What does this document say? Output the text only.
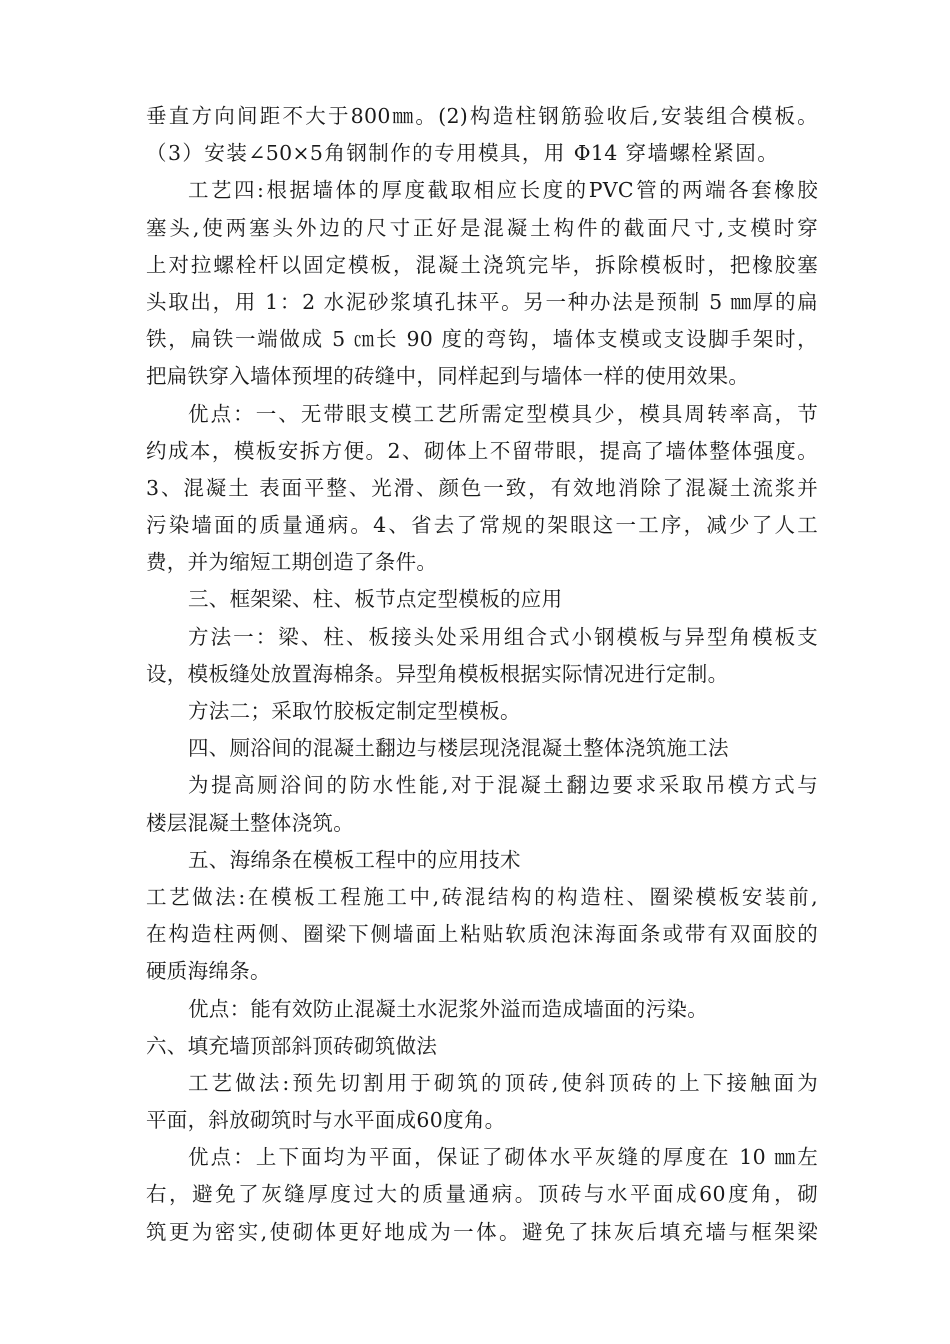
垂直方向间距不大于800㎜。(2)构造柱钢筋验收后,安装组合模板。
（3）安装∠50×5角钢制作的专用模具，用 Φ14 穿墙螺栓紧固。
工艺四:根据墙体的厚度截取相应长度的PVC管的两端各套橡胶
塞头,使两塞头外边的尺寸正好是混凝土构件的截面尺寸,支模时穿
上对拉螺栓杆以固定模板，混凝土浇筑完毕，拆除模板时，把橡胶塞
头取出，用 1：2 水泥砂浆填孔抹平。另一种办法是预制 5 ㎜厚的扁
铁，扁铁一端做成 5 ㎝长 90 度的弯钩，墙体支模或支设脚手架时，
把扁铁穿入墙体预埋的砖缝中，同样起到与墙体一样的使用效果。
优点：一、无带眼支模工艺所需定型模具少，模具周转率高，节
约成本，模板安拆方便。2、砌体上不留带眼，提高了墙体整体强度。
3、混凝土 表面平整、光滑、颜色一致，有效地消除了混凝土流浆并
污染墙面的质量通病。4、省去了常规的架眼这一工序，减少了人工
费，并为缩短工期创造了条件。
三、框架梁、柱、板节点定型模板的应用
方法一：梁、柱、板接头处采用组合式小钢模板与异型角模板支
设，模板缝处放置海棉条。异型角模板根据实际情况进行定制。
方法二；采取竹胶板定制定型模板。
四、厕浴间的混凝土翻边与楼层现浇混凝土整体浇筑施工法
为提高厕浴间的防水性能,对于混凝土翻边要求采取吊模方式与
楼层混凝土整体浇筑。
五、海绵条在模板工程中的应用技术
工艺做法:在模板工程施工中,砖混结构的构造柱、圈梁模板安装前,
在构造柱两侧、圈梁下侧墙面上粘贴软质泡沫海面条或带有双面胶的
硬质海绵条。
优点：能有效防止混凝土水泥浆外溢而造成墙面的污染。
六、填充墙顶部斜顶砖砌筑做法
工艺做法:预先切割用于砌筑的顶砖,使斜顶砖的上下接触面为
平面，斜放砌筑时与水平面成60度角。
优点：上下面均为平面，保证了砌体水平灰缝的厚度在 10 ㎜左
右，避免了灰缝厚度过大的质量通病。顶砖与水平面成60度角，砌
筑更为密实,使砌体更好地成为一体。避免了抹灰后填充墙与框架梁
